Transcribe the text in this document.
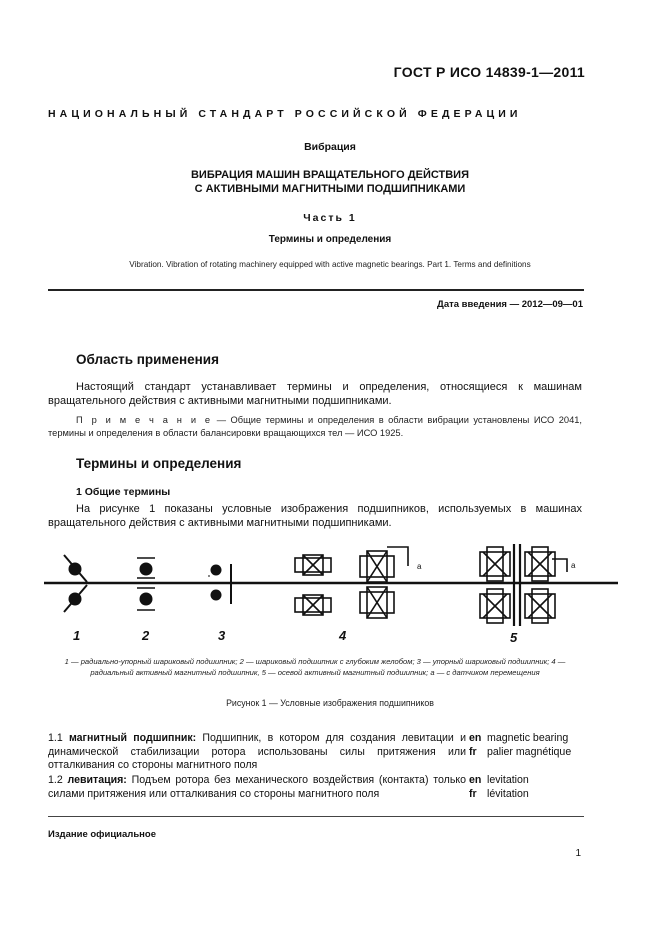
ГОСТ Р ИСО 14839-1—2011
НАЦИОНАЛЬНЫЙ СТАНДАРТ РОССИЙСКОЙ ФЕДЕРАЦИИ
Вибрация
ВИБРАЦИЯ МАШИН ВРАЩАТЕЛЬНОГО ДЕЙСТВИЯ
С АКТИВНЫМИ МАГНИТНЫМИ ПОДШИПНИКАМИ
Часть 1
Термины и определения
Vibration. Vibration of rotating machinery equipped with active magnetic bearings. Part 1. Terms and definitions
Дата введения — 2012—09—01
Область применения
Настоящий стандарт устанавливает термины и определения, относящиеся к машинам вращательного действия с активными магнитными подшипниками.
П р и м е ч а н и е — Общие термины и определения в области вибрации установлены ИСО 2041, термины и определения в области балансировки вращающихся тел — ИСО 1925.
Термины и определения
1 Общие термины
На рисунке 1 показаны условные изображения подшипников, используемых в машинах вращательного действия с активными магнитными подшипниками.
a	a
1	2	3	4	5
1 — радиально-упорный шариковый подшипник; 2 — шариковый подшипник с глубоким желобом; 3 — упорный шариковый подшипник; 4 — радиальный активный магнитный подшипник, 5 — осевой активный магнитный подшипник; a — с датчиком перемещения
Рисунок 1 — Условные изображения подшипников
1.1 магнитный подшипник: Подшипник, в котором для создания левитации и динамической стабилизации ротора использованы силы притяжения или отталкивания со стороны магнитного поля
en magnetic bearing
fr palier magnétique
1.2 левитация: Подъем ротора без механического воздействия (контакта) только силами притяжения или отталкивания со стороны магнитного поля
en levitation
fr lévitation
Издание официальное
1
